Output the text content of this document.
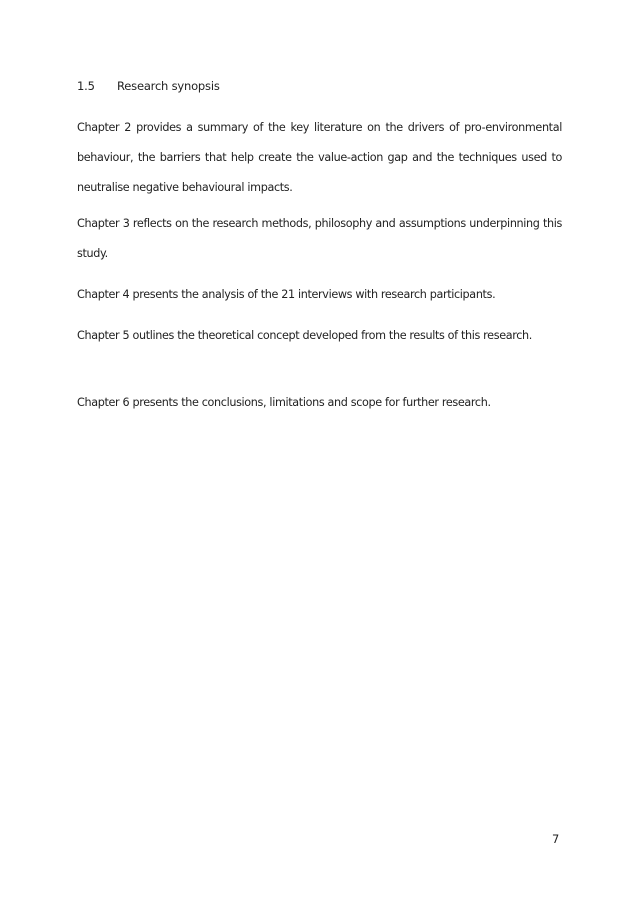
1.5 Research synopsis

Chapter 2 provides a summary of the key literature on the drivers of pro-environmental behaviour, the barriers that help create the value-action gap and the techniques used to neutralise negative behavioural impacts.

Chapter 3 reflects on the research methods, philosophy and assumptions underpinning this study.

Chapter 4 presents the analysis of the 21 interviews with research participants.

Chapter 5 outlines the theoretical concept developed from the results of this research.

Chapter 6 presents the conclusions, limitations and scope for further research.

7
